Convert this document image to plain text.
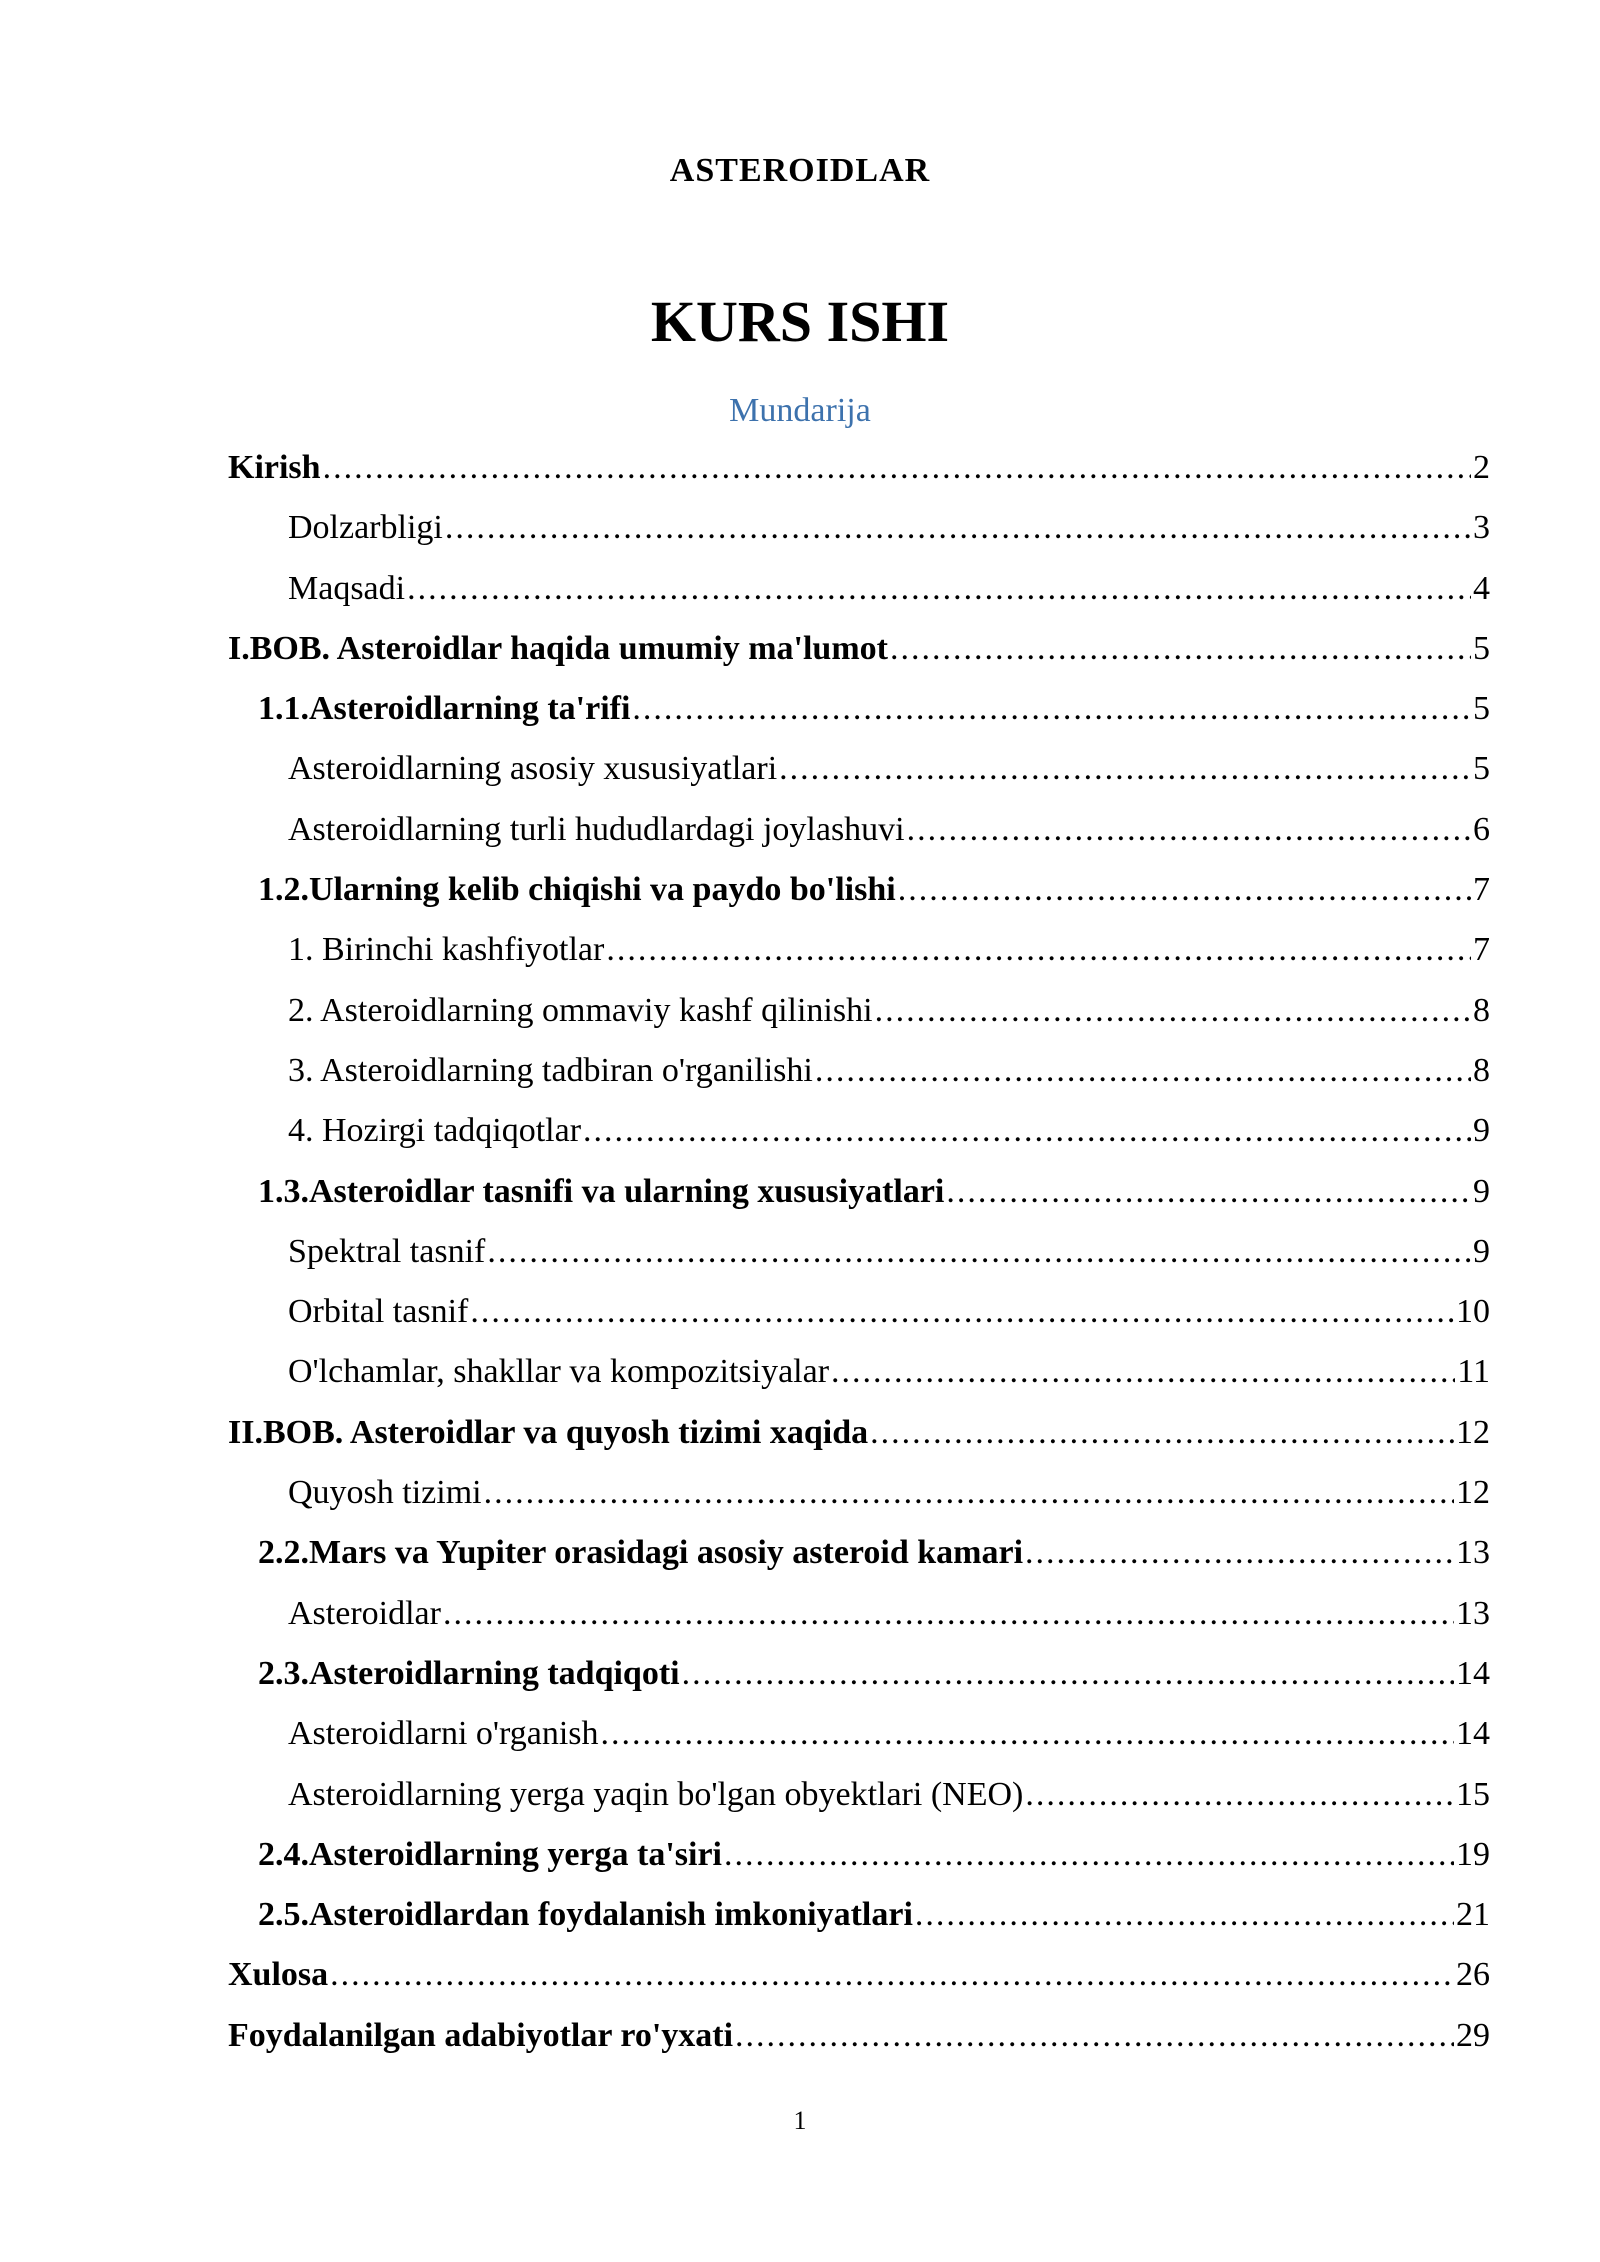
ASTEROIDLAR
KURS ISHI
Mundarija
Kirish .....	2
Dolzarbligi .....	3
Maqsadi .....	4
I.BOB. Asteroidlar haqida umumiy ma'lumot .....	5
1.1. Asteroidlarning ta'rifi .....	5
Asteroidlarning asosiy xususiyatlari .....	5
Asteroidlarning turli hududlardagi joylashuvi .....	6
1.2. Ularning kelib chiqishi va paydo bo'lishi .....	7
1. Birinchi kashfiyotlar .....	7
2. Asteroidlarning ommaviy kashf qilinishi .....	8
3. Asteroidlarning tadbiran o'rganilishi .....	8
4. Hozirgi tadqiqotlar .....	9
1.3. Asteroidlar tasnifi va ularning xususiyatlari .....	9
Spektral tasnif .....	9
Orbital tasnif .....	10
O'lchamlar, shakllar va kompozitsiyalar .....	11
II.BOB. Asteroidlar va quyosh tizimi xaqida .....	12
Quyosh tizimi .....	12
2.2.Mars va Yupiter orasidagi asosiy asteroid kamari .....	13
Asteroidlar .....	13
2.3.Asteroidlarning tadqiqoti .....	14
Asteroidlarni o'rganish .....	14
Asteroidlarning yerga yaqin bo'lgan obyektlari (NEO) .....	15
2.4.Asteroidlarning yerga ta'siri .....	19
2.5.Asteroidlardan foydalanish imkoniyatlari .....	21
Xulosa .....	26
Foydalanilgan adabiyotlar ro'yxati .....	29
1
